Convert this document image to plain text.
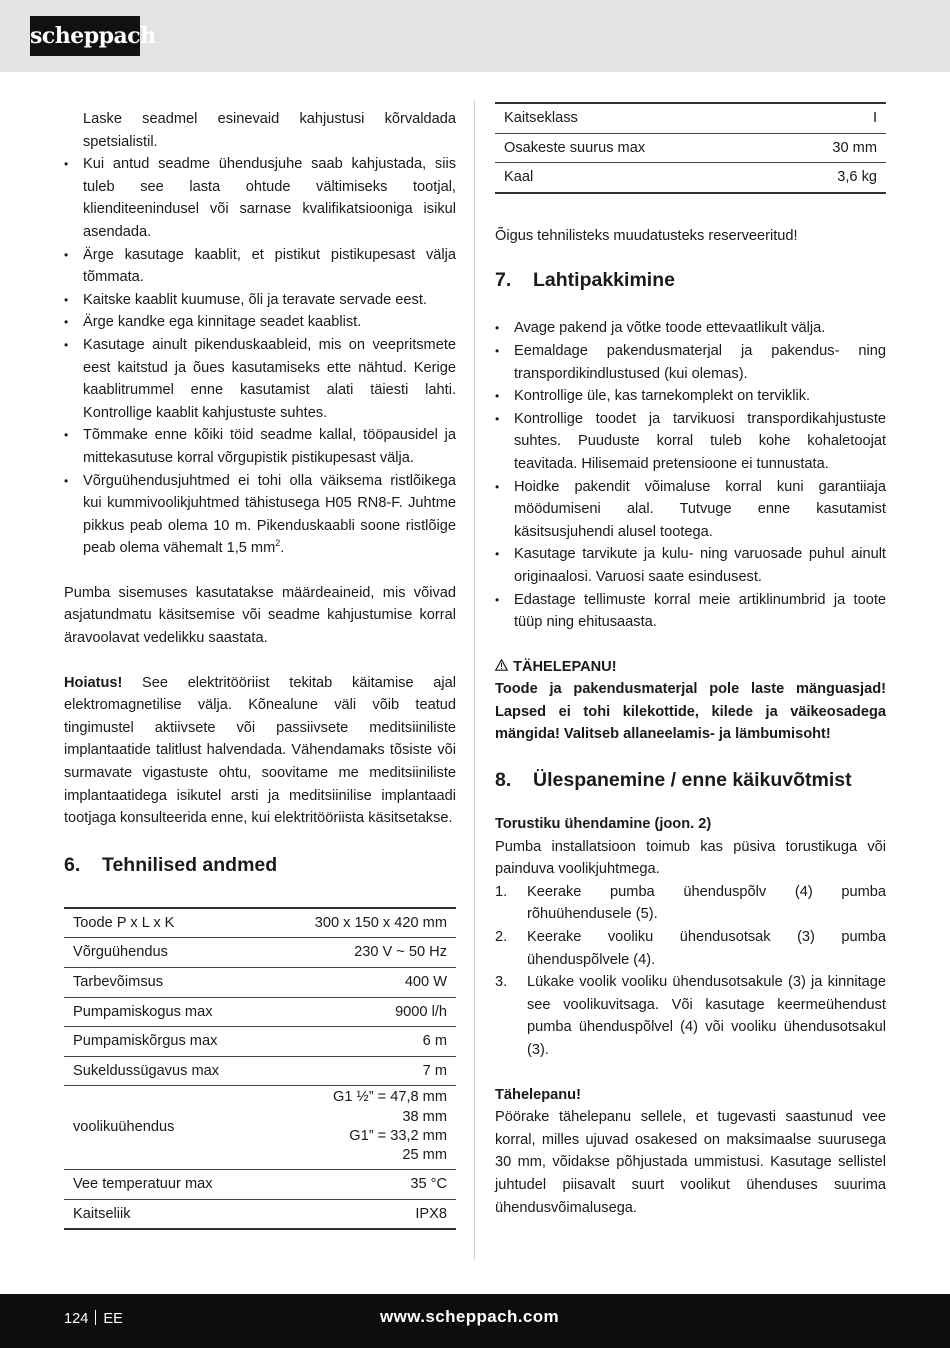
scheppach
Laske seadmel esinevaid kahjustusi kõrvaldada spetsialistil.
• Kui antud seadme ühendusjuhe saab kahjustada, siis tuleb see lasta ohtude vältimiseks tootjal, klienditeenindusel või sarnase kvalifikatsiooniga isikul asendada.
• Ärge kasutage kaablit, et pistikut pistikupesast välja tõmmata.
• Kaitske kaablit kuumuse, õli ja teravate servade eest.
• Ärge kandke ega kinnitage seadet kaablist.
• Kasutage ainult pikenduskaableid, mis on veepritsmete eest kaitstud ja õues kasutamiseks ette nähtud. Kerige kaablitrummel enne kasutamist alati täiesti lahti. Kontrollige kaablit kahjustuste suhtes.
• Tõmmake enne kõiki töid seadme kallal, tööpausidel ja mittekasutuse korral võrgupistik pistikupesast välja.
• Võrguühendusjuhtmed ei tohi olla väiksema ristlõikega kui kummivoolikjuhtmed tähistusega H05 RN8-F. Juhtme pikkus peab olema 10 m. Pikenduskaabli soone ristlõige peab olema vähemalt 1,5 $mm^2$.

Pumba sisemuses kasutatakse määrdeaineid, mis võivad asjatundmatu käsitsemise või seadme kahjustumise korral äravoolavat vedelikku saastata.

Hoiatus! See elektritööriist tekitab käitamise ajal elektromagnetilise välja. Kõnealune väli võib teatud tingimustel aktiivsete või passiivsete meditsiiniliste implantaatide talitlust halvendada. Vähendamaks tõsiste või surmavate vigastuste ohtu, soovitame me meditsiiniliste implantaatidega isikutel arsti ja meditsiinilise implantaadi tootjaga konsulteerida enne, kui elektritööriista käsitsetakse.

6. Tehnilised andmed
Toode P x L x K	300 x 150 x 420 mm
Võrguühendus	230 V ~ 50 Hz
Tarbevõimsus	400 W
Pumpamiskogus max	9000 l/h
Pumpamiskõrgus max	6 m
Sukeldussügavus max	7 m
voolikuühendus	G1 ½” = 47,8 mm
38 mm
G1” = 33,2 mm
25 mm

Vee temperatuur max	35 °C
Kaitseliik	IPX8
Kaitseklass	I
Osakeste suurus max	30 mm
Kaal	3,6 kg

Õigus tehnilisteks muudatusteks reserveeritud!

7. Lahtipakkimine
• Avage pakend ja võtke toode ettevaatlikult välja.
• Eemaldage pakendusmaterjal ja pakendus- ning transpordikindlustused (kui olemas).
• Kontrollige üle, kas tarnekomplekt on terviklik.
• Kontrollige toodet ja tarvikuosi transpordikahjustuste suhtes. Puuduste korral tuleb kohe kohaletoojat teavitada. Hilisemaid pretensioone ei tunnustata.
• Hoidke pakendit võimaluse korral kuni garantiiaja möödumiseni alal. Tutvuge enne kasutamist käsitsusjuhendi alusel tootega.
• Kasutage tarvikute ja kulu- ning varuosade puhul ainult originaalosi. Varuosi saate esindusest.
• Edastage tellimuste korral meie artiklinumbrid ja toote tüüp ning ehitusaasta.
TÄHELEPANU!

Toode ja pakendusmaterjal pole laste mänguasjad! Lapsed ei tohi kilekottide, kilede ja väikeosadega mängida! Valitseb allaneelamis- ja lämbumisoht!

8. Ülespanemine / enne käikuvõtmist
Torustiku ühendamine (joon. 2)

Pumba installatsioon toimub kas püsiva torustikuga või painduva voolikjuhtmega.

1. Keerake pumba ühenduspõlv (4) pumba rõhuühendusele (5).
2. Keerake vooliku ühendusotsak (3) pumba ühenduspõlvele (4).
3. Lükake voolik vooliku ühendusotsakule (3) ja kinnitage see voolikuvitsaga. Või kasutage keermeühendust pumba ühenduspõlvel (4) või vooliku ühendusotsakul (3).
Tähelepanu!

Pöörake tähelepanu sellele, et tugevasti saastunud vee korral, milles ujuvad osakesed on maksimaalse suurusega 30 mm, võidakse põhjustada ummistusi. Kasutage sellistel juhtudel piisavalt suurt voolikut ühenduses suurima ühendusvõimalusega.

124 EE	www.scheppach.com
